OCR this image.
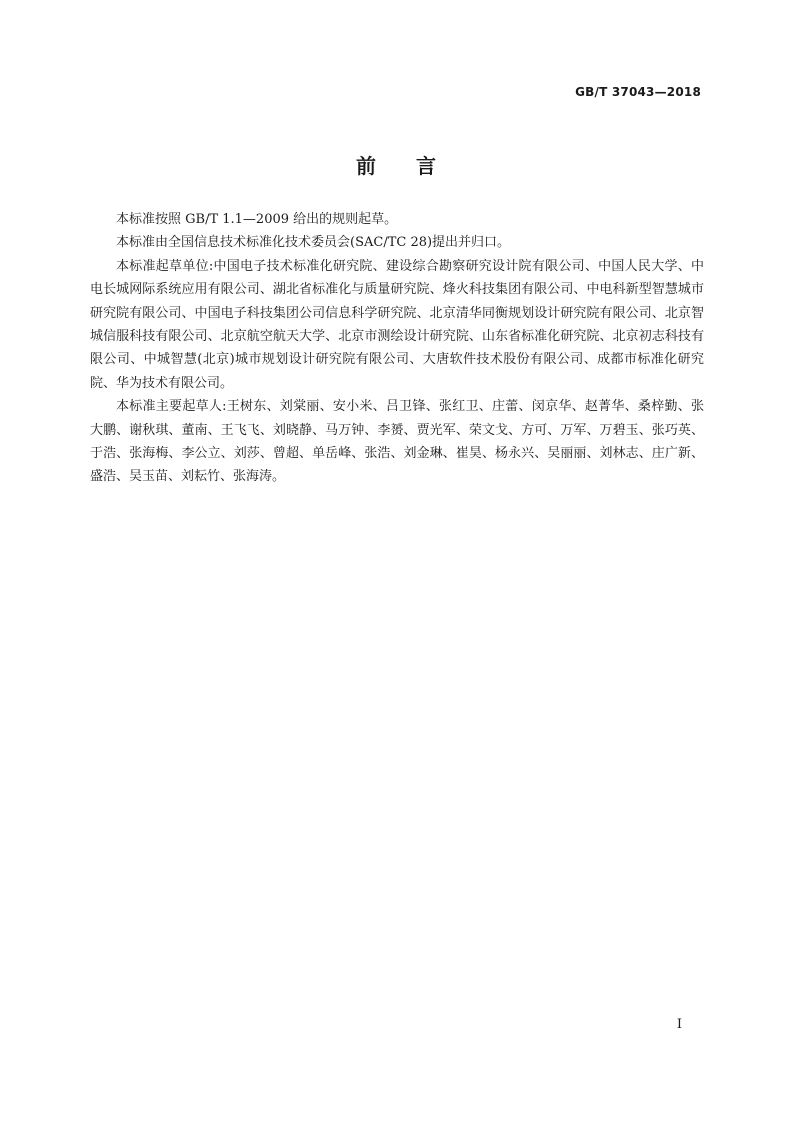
GB/T 37043—2018
前言

本标准按照 GB/T 1.1—2009 给出的规则起草。

本标准由全国信息技术标准化技术委员会(SAC/TC 28)提出并归口。

本标准起草单位:中国电子技术标准化研究院、建设综合勘察研究设计院有限公司、中国人民大学、中电长城网际系统应用有限公司、湖北省标准化与质量研究院、烽火科技集团有限公司、中电科新型智慧城市研究院有限公司、中国电子科技集团公司信息科学研究院、北京清华同衡规划设计研究院有限公司、北京智城信服科技有限公司、北京航空航天大学、北京市测绘设计研究院、山东省标准化研究院、北京初志科技有限公司、中城智慧(北京)城市规划设计研究院有限公司、大唐软件技术股份有限公司、成都市标准化研究院、华为技术有限公司。

本标准主要起草人:王树东、刘棠丽、安小米、吕卫锋、张红卫、庄蕾、闵京华、赵菁华、桑梓勤、张大鹏、谢秋琪、董南、王飞飞、刘晓静、马万钟、李赟、贾光军、荣文戈、方可、万军、万碧玉、张巧英、于浩、张海梅、李公立、刘莎、曾超、单岳峰、张浩、刘金琳、崔昊、杨永兴、吴丽丽、刘林志、庄广新、盛浩、吴玉苗、刘耘竹、张海涛。

I
